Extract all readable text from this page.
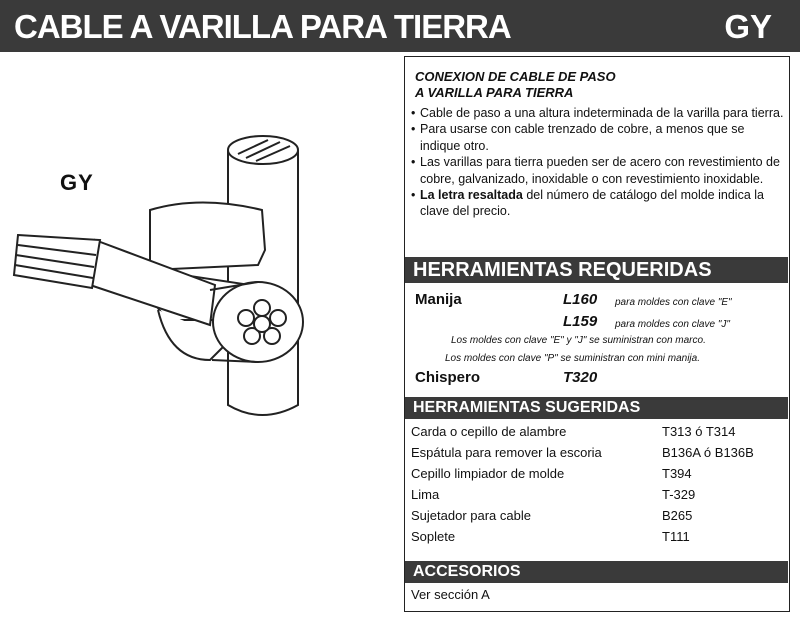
CABLE A VARILLA PARA TIERRA	GY
GY
CONEXION DE CABLE DE PASO
A VARILLA PARA TIERRA
• Cable de paso a una altura indeterminada de la varilla para tierra.
• Para usarse con cable trenzado de cobre, a menos que se indique otro.
• Las varillas para tierra pueden ser de acero con revestimiento de cobre, galvanizado, inoxidable o con revestimiento inoxidable.
• La letra resaltada del número de catálogo del molde indica la clave del precio.
HERRAMIENTAS REQUERIDAS
Manija	L160 para moldes con clave "E"
L159 para moldes con clave "J"
Los moldes con clave "E" y "J" se suministran con marco.
Los moldes con clave "P" se suministran con mini manija.
Chispero	T320
HERRAMIENTAS SUGERIDAS
Carda o cepillo de alambre	T313 ó T314
Espátula para remover la escoria	B136A ó B136B
Cepillo limpiador de molde	T394
Lima	T-329
Sujetador para cable	B265
Soplete	T111
ACCESORIOS
Ver sección A
